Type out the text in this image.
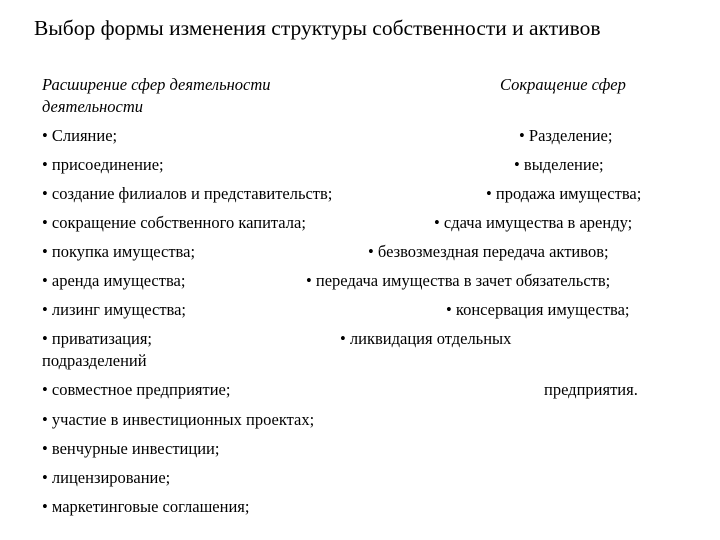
Выбор формы изменения структуры собственности и активов
Расширение сфер деятельности
деятельности
Сокращение сфер
• Слияние;
• присоединение;
• создание филиалов и представительств;
• сокращение собственного капитала;
• покупка имущества;
• аренда имущества;
• лизинг имущества;
• приватизация;
подразделений
• совместное предприятие;
• участие в инвестиционных проектах;
• венчурные инвестиции;
• лицензирование;
• маркетинговые соглашения;
• Разделение;
• выделение;
• продажа имущества;
• сдача имущества в аренду;
• безвозмездная передача активов;
• передача имущества в зачет обязательств;
• консервация имущества;
• ликвидация отдельных
предприятия.
